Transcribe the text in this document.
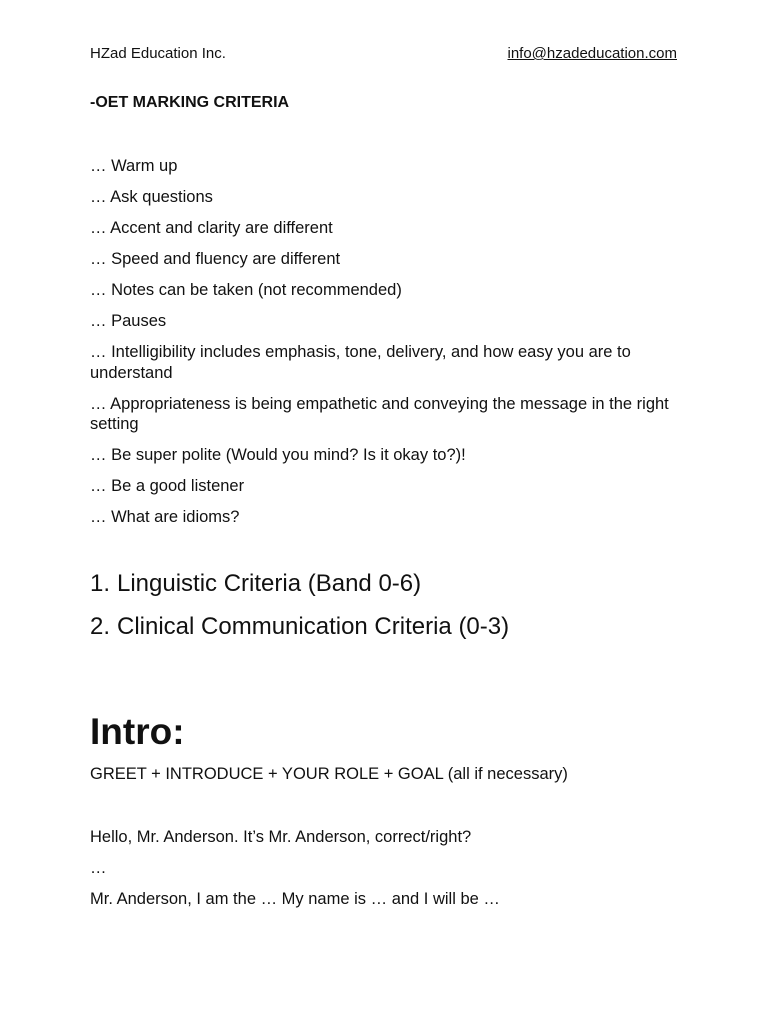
HZad Education Inc.	info@hzadeducation.com
-OET MARKING CRITERIA
… Warm up
… Ask questions
… Accent and clarity are different
… Speed and fluency are different
… Notes can be taken (not recommended)
… Pauses
… Intelligibility includes emphasis, tone, delivery, and how easy you are to understand
… Appropriateness is being empathetic and conveying the message in the right setting
… Be super polite (Would you mind? Is it okay to?)!
… Be a good listener
… What are idioms?
1. Linguistic Criteria (Band 0-6)
2. Clinical Communication Criteria (0-3)
Intro:
GREET + INTRODUCE + YOUR ROLE + GOAL (all if necessary)
Hello, Mr. Anderson. It’s Mr. Anderson, correct/right?
…
Mr. Anderson, I am the … My name is … and I will be …
